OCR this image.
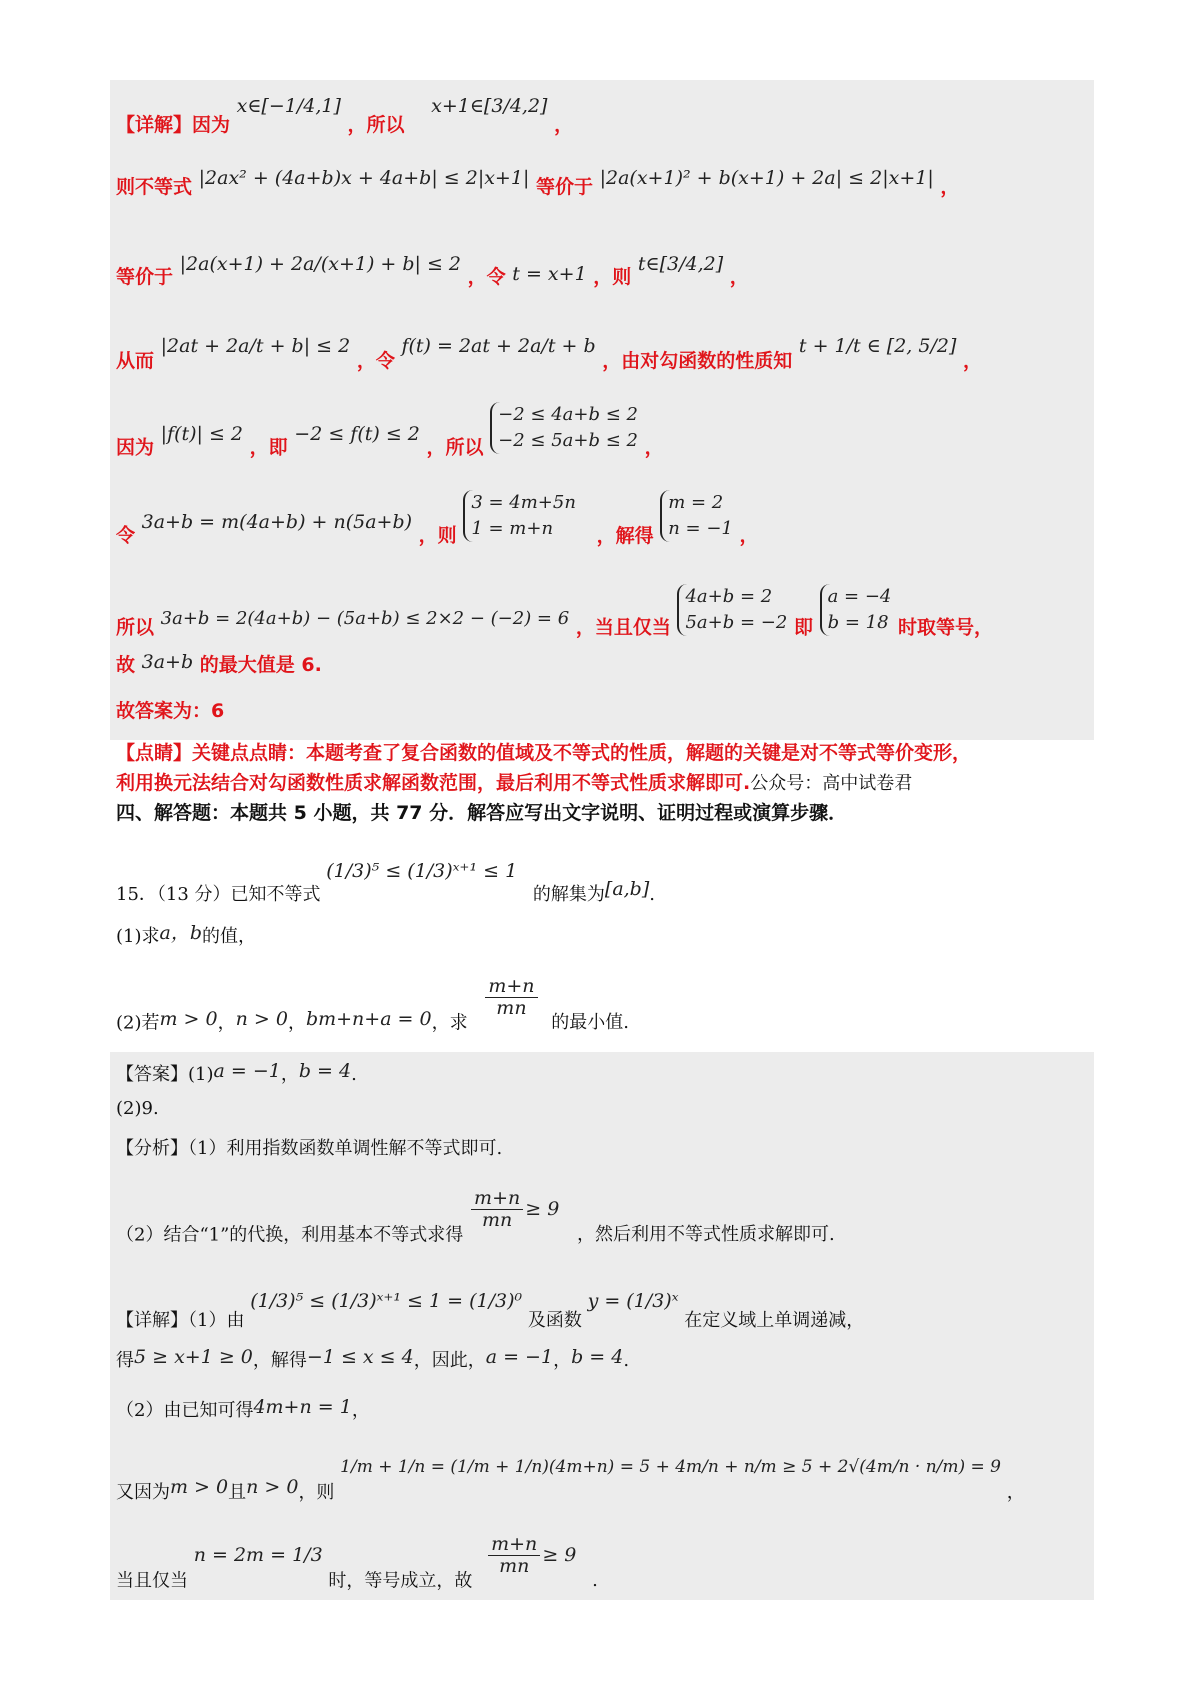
【详解】因为 x∈[−1/4,1] ，所以 x+1∈[3/4,2] ，
则不等式 |2ax² + (4a+b)x + 4a+b| ≤ 2|x+1| 等价于 |2a(x+1)² + b(x+1) + 2a| ≤ 2|x+1| ，
等价于 |2a(x+1) + 2a/(x+1) + b| ≤ 2 ，令 t = x+1 ，则 t∈[3/4,2] ，
从而 |2at + 2a/t + b| ≤ 2 ，令 f(t) = 2at + 2a/t + b ，由对勾函数的性质知 t + 1/t ∈ [2, 5/2] ，
因为 |f(t)| ≤ 2 ，即 −2 ≤ f(t) ≤ 2 ，所以 −2 ≤ 4a+b ≤ 2
−2 ≤ 5a+b ≤ 2 ，
令 3a+b = m(4a+b) + n(5a+b) ，则 3 = 4m+5n
1 = m+n ，解得 m = 2
n = −1 ，
所以 3a+b = 2(4a+b) − (5a+b) ≤ 2×2 − (−2) = 6 ，当且仅当 4a+b = 2
5a+b = −2 即 a = −4
b = 18 时取等号，
故 3a+b 的最大值是 6.
故答案为：6
【点睛】关键点点睛：本题考查了复合函数的值域及不等式的性质，解题的关键是对不等式等价变形，
利用换元法结合对勾函数性质求解函数范围，最后利用不等式性质求解即可.公众号：高中试卷君
四、解答题：本题共 5 小题，共 77 分．解答应写出文字说明、证明过程或演算步骤．
15．（13 分）已知不等式 (1/3)⁵ ≤ (1/3)ˣ⁺¹ ≤ 1 的解集为[a,b].
(1)求a，b的值，
(2)若m > 0，n > 0，bm+n+a = 0，求
$\frac{m+n}{mn}$
的最小值.
【答案】(1)a = −1，b = 4.
(2)9.
【分析】（1）利用指数函数单调性解不等式即可.
（2）结合“1”的代换，利用基本不等式求得
$\frac{m+n}{mn} \ge 9$ ，然后利用不等式性质求解即可.
【详解】（1）由 (1/3)⁵ ≤ (1/3)ˣ⁺¹ ≤ 1 = (1/3)⁰ 及函数 y = (1/3)ˣ 在定义域上单调递减，
得5 ≥ x+1 ≥ 0，解得−1 ≤ x ≤ 4，因此，a = −1，b = 4.
（2）由已知可得4m+n = 1，
又因为m > 0且n > 0，则 1/m + 1/n = (1/m + 1/n)(4m+n) = 5 + 4m/n + n/m ≥ 5 + 2√(4m/n · n/m) = 9 ，
当且仅当 n = 2m = 1/3 时，等号成立，故
$\frac{m+n}{mn} \ge 9$ .
